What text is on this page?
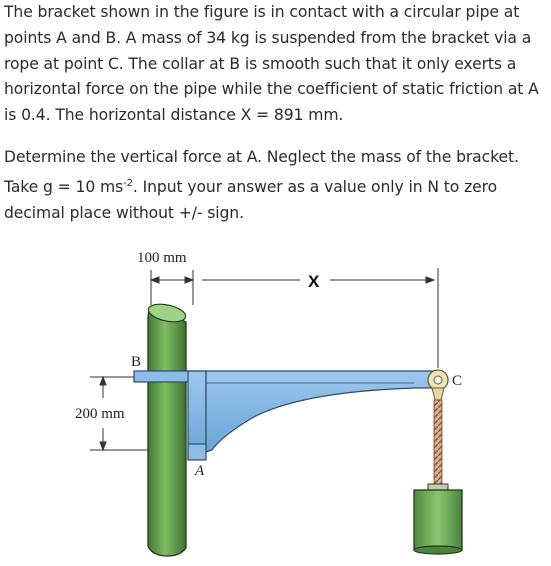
The bracket shown in the figure is in contact with a circular pipe at points A and B. A mass of 34 kg is suspended from the bracket via a rope at point C. The collar at B is smooth such that it only exerts a horizontal force on the pipe while the coefficient of static friction at A is 0.4. The horizontal distance X = 891 mm.

Determine the vertical force at A. Neglect the mass of the bracket. Take g = 10 $ms^{-2}$. Input your answer as a value only in N to zero decimal place without +/- sign.

100 mm
X
200 mm
B
A
C
